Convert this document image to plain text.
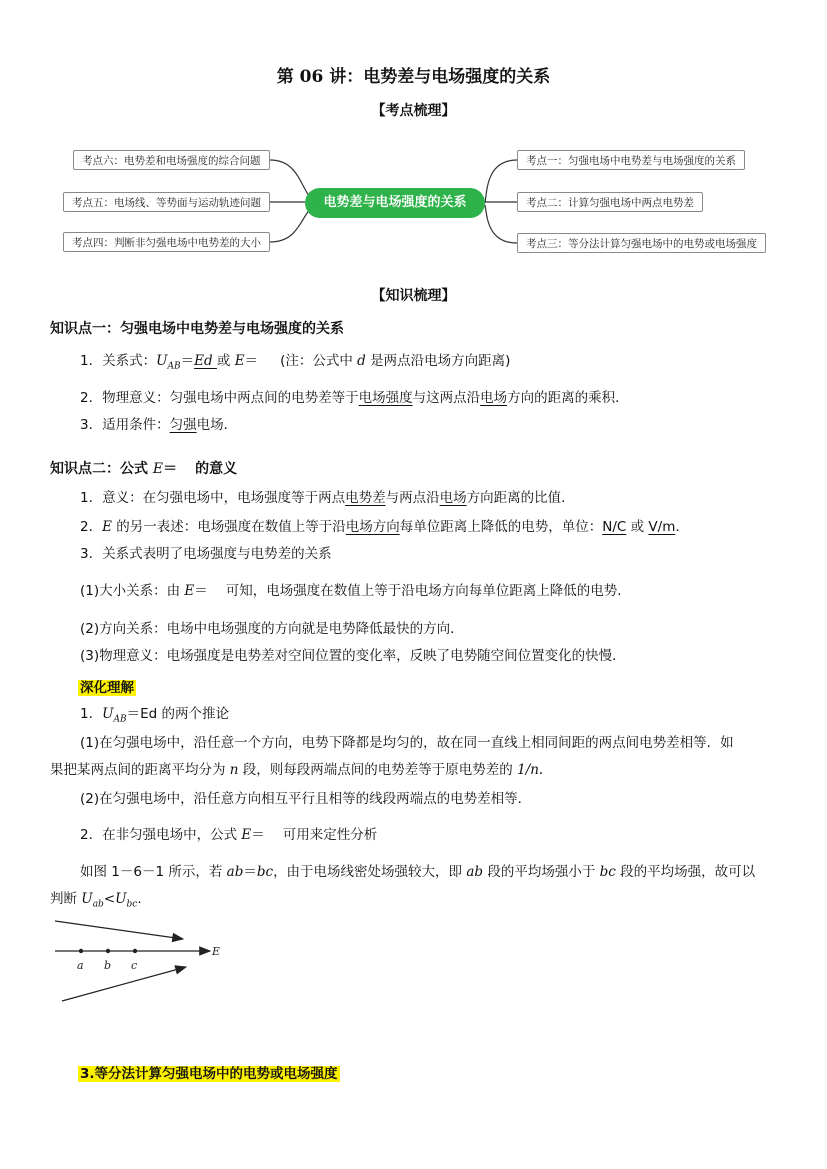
第 06 讲：电势差与电场强度的关系
【考点梳理】
电势差与电场强度的关系
考点六：电势差和电场强度的综合问题
考点五：电场线、等势面与运动轨迹问题
考点四：判断非匀强电场中电势差的大小
考点一：匀强电场中电势差与电场强度的关系
考点二：计算匀强电场中两点电势差
考点三：等分法计算匀强电场中的电势或电场强度
【知识梳理】
知识点一：匀强电场中电势差与电场强度的关系
1．关系式：$U_{AB}=Ed$ 或 E＝ (注：公式中 d 是两点沿电场方向距离)
2．物理意义：匀强电场中两点间的电势差等于电场强度与这两点沿电场方向的距离的乘积．
3．适用条件：匀强电场．
知识点二：公式 E＝ 的意义
1．意义：在匀强电场中，电场强度等于两点电势差与两点沿电场方向距离的比值．
2．E 的另一表述：电场强度在数值上等于沿电场方向每单位距离上降低的电势，单位：N/C 或 V/m.
3．关系式表明了电场强度与电势差的关系
(1)大小关系：由 E＝ 可知，电场强度在数值上等于沿电场方向每单位距离上降低的电势．
(2)方向关系：电场中电场强度的方向就是电势降低最快的方向．
(3)物理意义：电场强度是电势差对空间位置的变化率，反映了电势随空间位置变化的快慢．
深化理解
1．$U_{AB}=Ed$ 的两个推论
(1)在匀强电场中，沿任意一个方向，电势下降都是均匀的，故在同一直线上相同间距的两点间电势差相等．如
果把某两点间的距离平均分为 n 段，则每段两端点间的电势差等于原电势差的 1/n.
(2)在匀强电场中，沿任意方向相互平行且相等的线段两端点的电势差相等．
2．在非匀强电场中，公式 E＝ 可用来定性分析
如图 1－6－1 所示，若 ab＝bc，由于电场线密处场强较大，即 ab 段的平均场强小于 bc 段的平均场强，故可以
判断 $U_{ab}<U_{bc}$.
a b c
E
3.等分法计算匀强电场中的电势或电场强度
